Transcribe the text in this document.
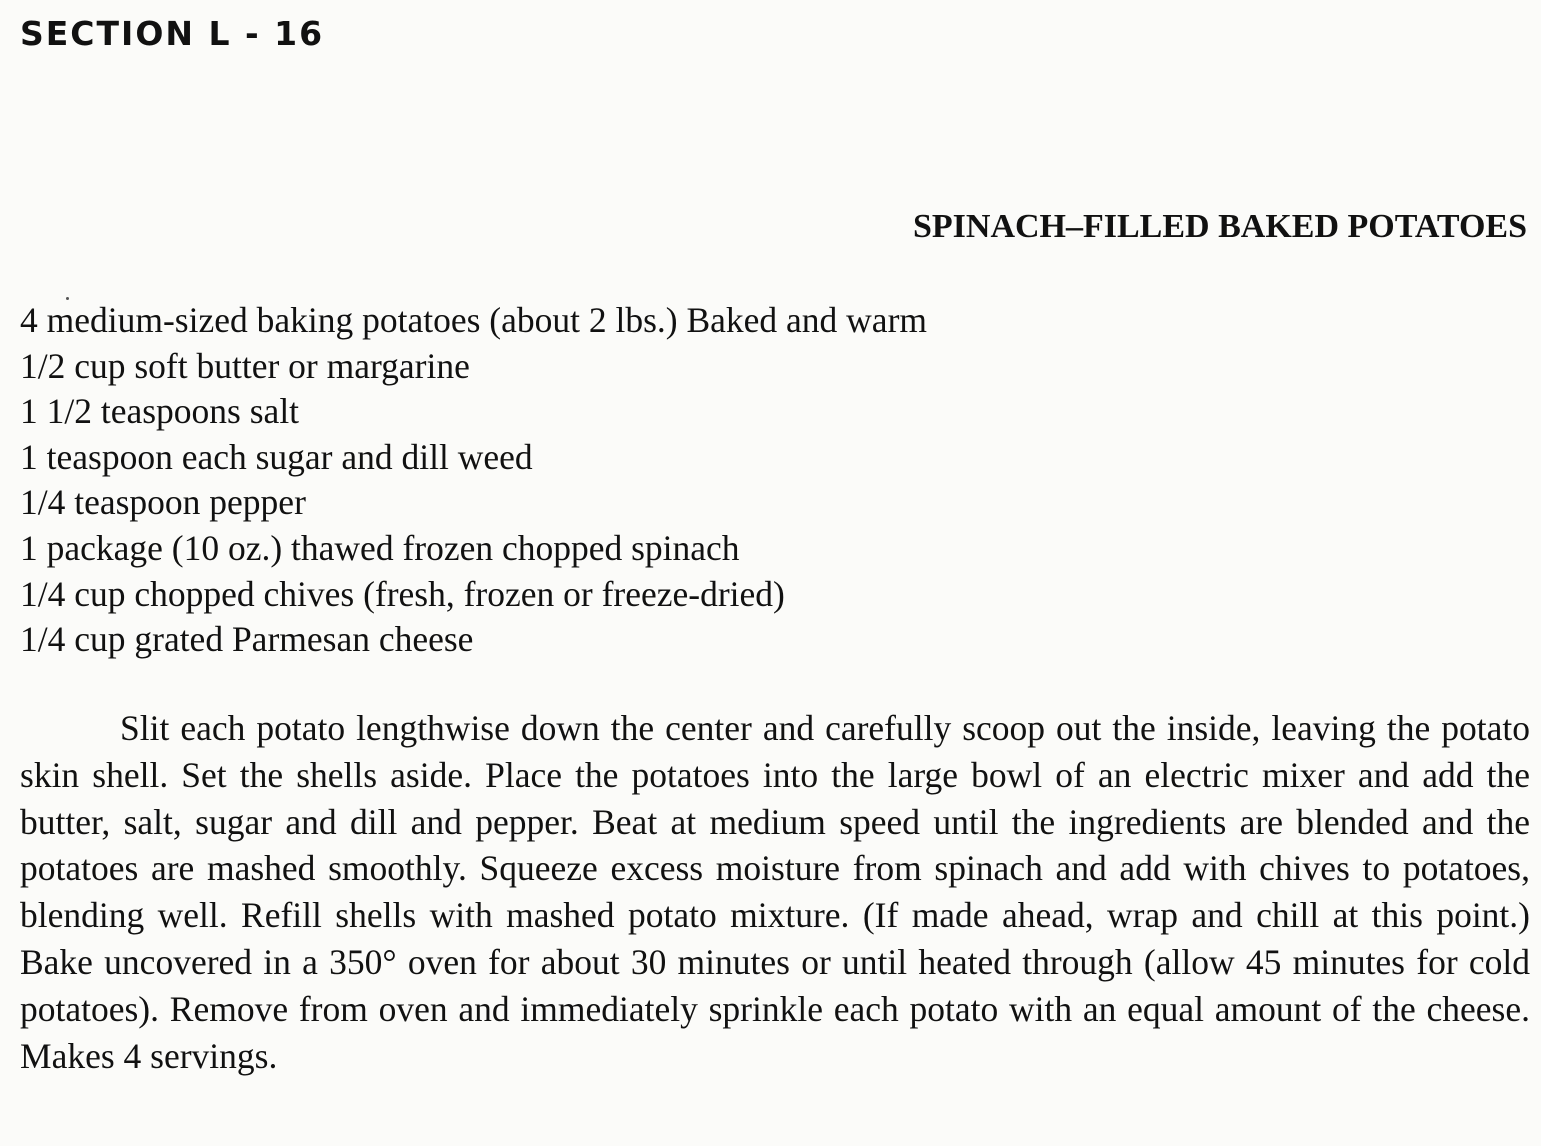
SECTION L - 16
SPINACH–FILLED BAKED POTATOES
4 medium-sized baking potatoes (about 2 lbs.) Baked and warm
1/2 cup soft butter or margarine
1 1/2 teaspoons salt
1 teaspoon each sugar and dill weed
1/4 teaspoon pepper
1 package (10 oz.) thawed frozen chopped spinach
1/4 cup chopped chives (fresh, frozen or freeze-dried)
1/4 cup grated Parmesan cheese

Slit each potato lengthwise down the center and carefully scoop out the inside, leaving the potato skin shell. Set the shells aside. Place the potatoes into the large bowl of an electric mixer and add the butter, salt, sugar and dill and pepper. Beat at medium speed until the ingredients are blended and the potatoes are mashed smoothly. Squeeze excess moisture from spinach and add with chives to potatoes, blending well. Refill shells with mashed potato mixture. (If made ahead, wrap and chill at this point.) Bake uncovered in a 350° oven for about 30 minutes or until heated through (allow 45 minutes for cold potatoes). Remove from oven and immediately sprinkle each potato with an equal amount of the cheese. Makes 4 servings.
